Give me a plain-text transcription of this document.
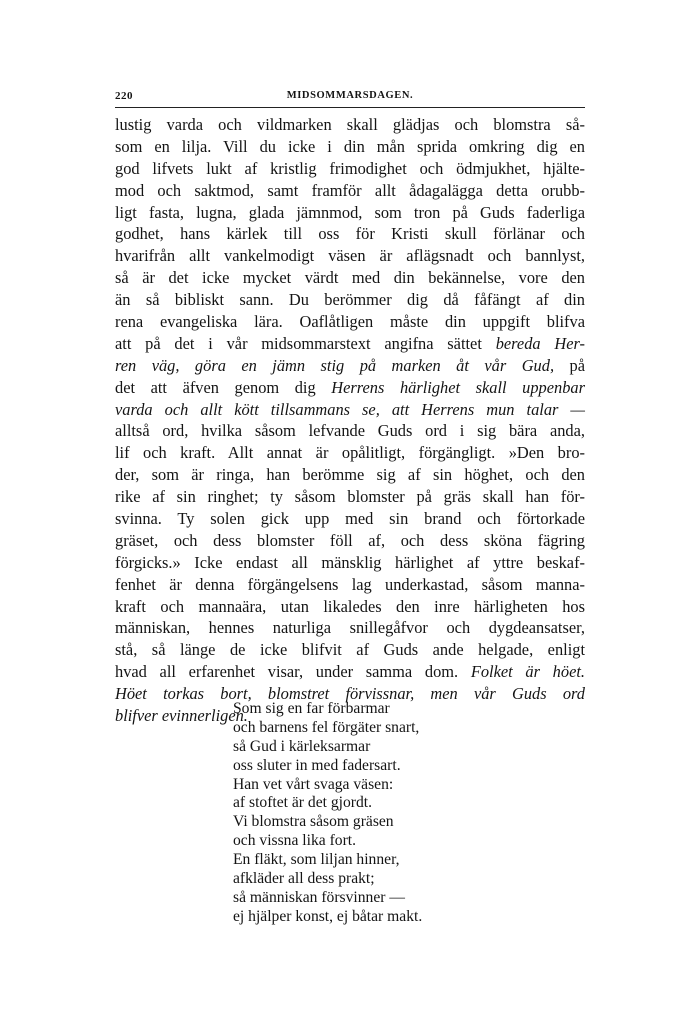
220	MIDSOMMARSDAGEN.
lustig varda och vildmarken skall glädjas och blomstra så-
som en lilja. Vill du icke i din mån sprida omkring dig en
god lifvets lukt af kristlig frimodighet och ödmjukhet, hjälte-
mod och saktmod, samt framför allt ådagalägga detta orubb-
ligt fasta, lugna, glada jämnmod, som tron på Guds faderliga
godhet, hans kärlek till oss för Kristi skull förlänar och
hvarifrån allt vankelmodigt väsen är aflägsnadt och bannlyst,
så är det icke mycket värdt med din bekännelse, vore den
än så bibliskt sann. Du berömmer dig då fåfängt af din
rena evangeliska lära. Oaflåtligen måste din uppgift blifva
att på det i vår midsommarstext angifna sättet bereda Her-
ren väg, göra en jämn stig på marken åt vår Gud, på
det att äfven genom dig Herrens härlighet skall uppenbar
varda och allt kött tillsammans se, att Herrens mun talar —
alltså ord, hvilka såsom lefvande Guds ord i sig bära anda,
lif och kraft. Allt annat är opålitligt, förgängligt. »Den bro-
der, som är ringa, han berömme sig af sin höghet, och den
rike af sin ringhet; ty såsom blomster på gräs skall han för-
svinna. Ty solen gick upp med sin brand och förtorkade
gräset, och dess blomster föll af, och dess sköna fägring
förgicks.» Icke endast all mänsklig härlighet af yttre beskaf-
fenhet är denna förgängelsens lag underkastad, såsom manna-
kraft och mannaära, utan likaledes den inre härligheten hos
människan, hennes naturliga snillegåfvor och dygdeansatser,
stå, så länge de icke blifvit af Guds ande helgade, enligt
hvad all erfarenhet visar, under samma dom. Folket är höet.
Höet torkas bort, blomstret förvissnar, men vår Guds ord
blifver evinnerligen.
Som sig en far förbarmar
och barnens fel förgäter snart,
så Gud i kärleksarmar
oss sluter in med fadersart.
Han vet vårt svaga väsen:
af stoftet är det gjordt.
Vi blomstra såsom gräsen
och vissna lika fort.
En fläkt, som liljan hinner,
afkläder all dess prakt;
så människan försvinner —
ej hjälper konst, ej båtar makt.
